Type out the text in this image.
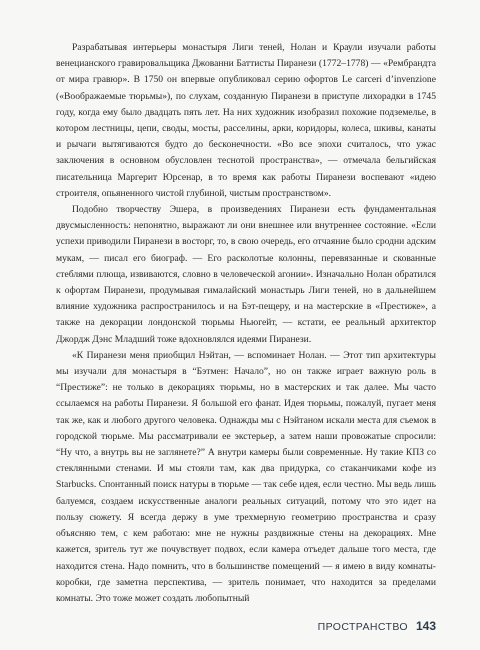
Разрабатывая интерьеры монастыря Лиги теней, Нолан и Краули изучали работы венецианского гравировальщика Джованни Баттисты Пиранези (1772–1778) — «Рембрандта от мира гравюр». В 1750 он впервые опубликовал серию офортов Le carceri d’invenzione («Воображаемые тюрьмы»), по слухам, созданную Пиранези в приступе лихорадки в 1745 году, когда ему было двадцать пять лет. На них художник изобразил похожие подземелье, в котором лестницы, цепи, своды, мосты, расселины, арки, коридоры, колеса, шкивы, канаты и рычаги вытягиваются будто до бесконечности. «Во все эпохи считалось, что ужас заключения в основном обусловлен теснотой пространства», — отмечала бельгийская писательница Маргерит Юрсенар, в то время как работы Пиранези воспевают «идею строителя, опьяненного чистой глубиной, чистым пространством».

Подобно творчеству Эшера, в произведениях Пиранези есть фундаментальная двусмысленность: непонятно, выражают ли они внешнее или внутреннее состояние. «Если успехи приводили Пиранези в восторг, то, в свою очередь, его отчаяние было сродни адским мукам, — писал его биограф. — Его расколотые колонны, перевязанные и скованные стеблями плюща, извиваются, словно в человеческой агонии». Изначально Нолан обратился к офортам Пиранези, продумывая гималайский монастырь Лиги теней, но в дальнейшем влияние художника распространилось и на Бэт-пещеру, и на мастерские в «Престиже», а также на декорации лондонской тюрьмы Ньюгейт, — кстати, ее реальный архитектор Джордж Дэнс Младший тоже вдохновлялся идеями Пиранези.

«К Пиранези меня приобщил Нэйтан, — вспоминает Нолан. — Этот тип архитектуры мы изучали для монастыря в “Бэтмен: Начало”, но он также играет важную роль в “Престиже”: не только в декорациях тюрьмы, но в мастерских и так далее. Мы часто ссылаемся на работы Пиранези. Я большой его фанат. Идея тюрьмы, пожалуй, пугает меня так же, как и любого другого человека. Однажды мы с Нэйтаном искали места для съемок в городской тюрьме. Мы рассматривали ее экстерьер, а затем наши провожатые спросили: “Ну что, а внутрь вы не заглянете?” А внутри камеры были современные. Ну такие КПЗ со стеклянными стенами. И мы стояли там, как два придурка, со стаканчиками кофе из Starbucks. Спонтанный поиск натуры в тюрьме — так себе идея, если честно. Мы ведь лишь балуемся, создаем искусственные аналоги реальных ситуаций, потому что это идет на пользу сюжету. Я всегда держу в уме трехмерную геометрию пространства и сразу объясняю тем, с кем работаю: мне не нужны раздвижные стены на декорациях. Мне кажется, зритель тут же почувствует подвох, если камера отъедет дальше того места, где находится стена. Надо помнить, что в большинстве помещений — я имею в виду комнаты-коробки, где заметна перспектива, — зритель понимает, что находится за пределами комнаты. Это тоже может создать любопытный

ПРОСТРАНСТВО 143
